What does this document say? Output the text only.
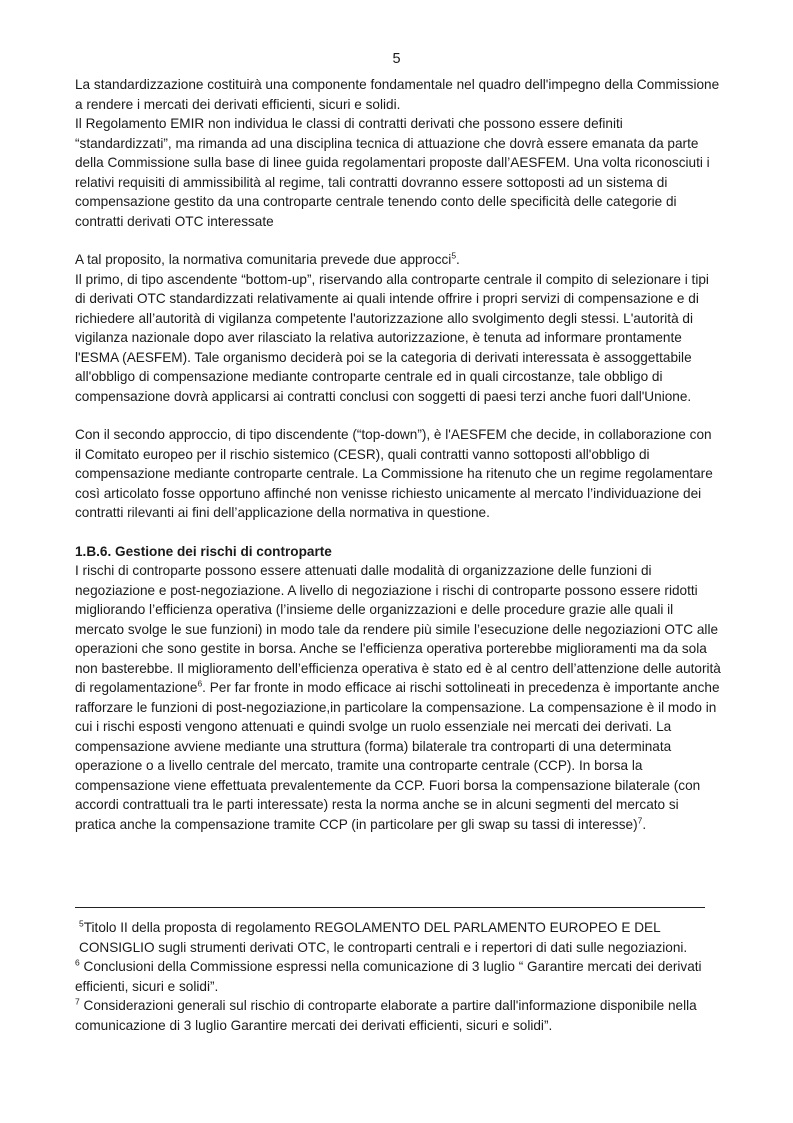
5

La standardizzazione costituirà una componente fondamentale nel quadro dell'impegno della Commissione a rendere i mercati dei derivati efficienti, sicuri e solidi.

Il Regolamento EMIR non individua le classi di contratti derivati che possono essere definiti “standardizzati”, ma rimanda ad una disciplina tecnica di attuazione che dovrà essere emanata da parte della Commissione sulla base di linee guida regolamentari proposte dall’AESFEM. Una volta riconosciuti i relativi requisiti di ammissibilità al regime, tali contratti dovranno essere sottoposti ad un sistema di compensazione gestito da una controparte centrale tenendo conto delle specificità delle categorie di contratti derivati OTC interessate

A tal proposito, la normativa comunitaria prevede due approcci$^5$.

Il primo, di tipo ascendente “bottom-up”, riservando alla controparte centrale il compito di selezionare i tipi di derivati OTC standardizzati relativamente ai quali intende offrire i propri servizi di compensazione e di richiedere all’autorità di vigilanza competente l'autorizzazione allo svolgimento degli stessi. L'autorità di vigilanza nazionale dopo aver rilasciato la relativa autorizzazione, è tenuta ad informare prontamente l'ESMA (AESFEM). Tale organismo deciderà poi se la categoria di derivati interessata è assoggettabile all'obbligo di compensazione mediante controparte centrale ed in quali circostanze, tale obbligo di compensazione dovrà applicarsi ai contratti conclusi con soggetti di paesi terzi anche fuori dall'Unione.

Con il secondo approccio, di tipo discendente (“top-down”), è l'AESFEM che decide, in collaborazione con il Comitato europeo per il rischio sistemico (CESR), quali contratti vanno sottoposti all'obbligo di compensazione mediante controparte centrale. La Commissione ha ritenuto che un regime regolamentare così articolato fosse opportuno affinché non venisse richiesto unicamente al mercato l’individuazione dei contratti rilevanti ai fini dell’applicazione della normativa in questione.

1.B.6. Gestione dei rischi di controparte

I rischi di controparte possono essere attenuati dalle modalità di organizzazione delle funzioni di negoziazione e post-negoziazione. A livello di negoziazione i rischi di controparte possono essere ridotti migliorando l’efficienza operativa (l’insieme delle organizzazioni e delle procedure grazie alle quali il mercato svolge le sue funzioni) in modo tale da rendere più simile l’esecuzione delle negoziazioni OTC alle operazioni che sono gestite in borsa. Anche se l'efficienza operativa porterebbe miglioramenti ma da sola non basterebbe. Il miglioramento dell’efficienza operativa è stato ed è al centro dell’attenzione delle autorità di regolamentazione$^6$. Per far fronte in modo efficace ai rischi sottolineati in precedenza è importante anche rafforzare le funzioni di post-negoziazione,in particolare la compensazione. La compensazione è il modo in cui i rischi esposti vengono attenuati e quindi svolge un ruolo essenziale nei mercati dei derivati. La compensazione avviene mediante una struttura (forma) bilaterale tra controparti di una determinata operazione o a livello centrale del mercato, tramite una controparte centrale (CCP). In borsa la compensazione viene effettuata prevalentemente da CCP. Fuori borsa la compensazione bilaterale (con accordi contrattuali tra le parti interessate) resta la norma anche se in alcuni segmenti del mercato si pratica anche la compensazione tramite CCP (in particolare per gli swap su tassi di interesse)$^7$.

$^5$Titolo II della proposta di regolamento REGOLAMENTO DEL PARLAMENTO EUROPEO E DEL CONSIGLIO sugli strumenti derivati OTC, le controparti centrali e i repertori di dati sulle negoziazioni.

$^6$ Conclusioni della Commissione espressi nella comunicazione di 3 luglio “ Garantire mercati dei derivati efficienti, sicuri e solidi”.

$^7$ Considerazioni generali sul rischio di controparte elaborate a partire dall'informazione disponibile nella comunicazione di 3 luglio Garantire mercati dei derivati efficienti, sicuri e solidi”.
